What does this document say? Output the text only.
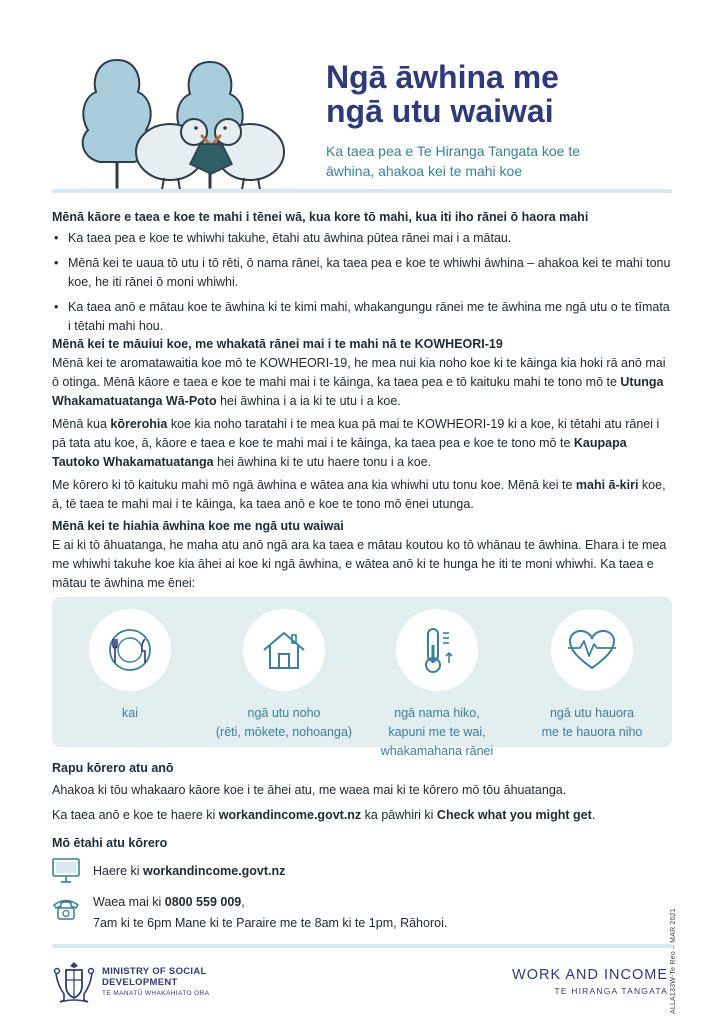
Ngā āwhina me
ngā utu waiwai
Ka taea pea e Te Hiranga Tangata koe te āwhina, ahakoa kei te mahi koe
Mēnā kāore e taea e koe te mahi i tēnei wā, kua kore tō mahi, kua iti iho rānei ō haora mahi
• Ka taea pea e koe te whiwhi takuhe, ētahi atu āwhina pūtea rānei mai i a mātau.
• Mēnā kei te uaua tō utu i tō rēti, ō nama rānei, ka taea pea e koe te whiwhi āwhina – ahakoa kei te mahi tonu koe, he iti rānei ō moni whiwhi.
• Ka taea anō e mātau koe te āwhina ki te kimi mahi, whakangungu rānei me te āwhina me ngā utu o te tīmata i tētahi mahi hou.
Mēnā kei te māuiui koe, me whakatā rānei mai i te mahi nā te KOWHEORI-19

Mēnā kei te aromatawaitia koe mō te KOWHEORI-19, he mea nui kia noho koe ki te kāinga kia hoki rā anō mai ō otinga. Mēnā kāore e taea e koe te mahi mai i te kāinga, ka taea pea e tō kaituku mahi te tono mō te Utunga Whakamatuatanga Wā-Poto hei āwhina i a ia ki te utu i a koe.

Mēnā kua kōrerohia koe kia noho taratahi i te mea kua pā mai te KOWHEORI-19 ki a koe, ki tētahi atu rānei i pā tata atu koe, ā, kāore e taea e koe te mahi mai i te kāinga, ka taea pea e koe te tono mō te Kaupapa Tautoko Whakamatuatanga hei āwhina ki te utu haere tonu i a koe.

Me kōrero ki tō kaituku mahi mō ngā āwhina e wātea ana kia whiwhi utu tonu koe. Mēnā kei te mahi ā-kiri koe, ā, tē taea te mahi mai i te kāinga, ka taea anō e koe te tono mō ēnei utunga.

Mēnā kei te hiahia āwhina koe me ngā utu waiwai

E ai ki tō āhuatanga, he maha atu anō ngā ara ka taea e mātau koutou ko tō whānau te āwhina. Ehara i te mea me whiwhi takuhe koe kia āhei ai koe ki ngā āwhina, e wātea anō ki te hunga he iti te moni whiwhi. Ka taea e mātau te āwhina me ēnei:

kai	ngā utu noho
(rēti, mōkete, nohoanga)
ngā nama hiko,
kapuni me te wai,
whakamahana rānei
ngā utu hauora
me te hauora niho
Rapu kōrero atu anō

Ahakoa ki tōu whakaaro kāore koe i te āhei atu, me waea mai ki te kōrero mō tōu āhuatanga.

Ka taea anō e koe te haere ki workandincome.govt.nz ka pāwhiri ki Check what you might get.

Mō ētahi atu kōrero
Haere ki workandincome.govt.nz
Waea mai ki 0800 559 009,
7am ki te 6pm Mane ki te Paraire me te 8am ki te 1pm, Rāhoroi.
MINISTRY OF SOCIAL
DEVELOPMENT
TE MANATŪ WHAKAHIATO ORA
WORK AND INCOME
TE HIRANGA TANGATA ALLA133W-Te Reo – MAR 2021
